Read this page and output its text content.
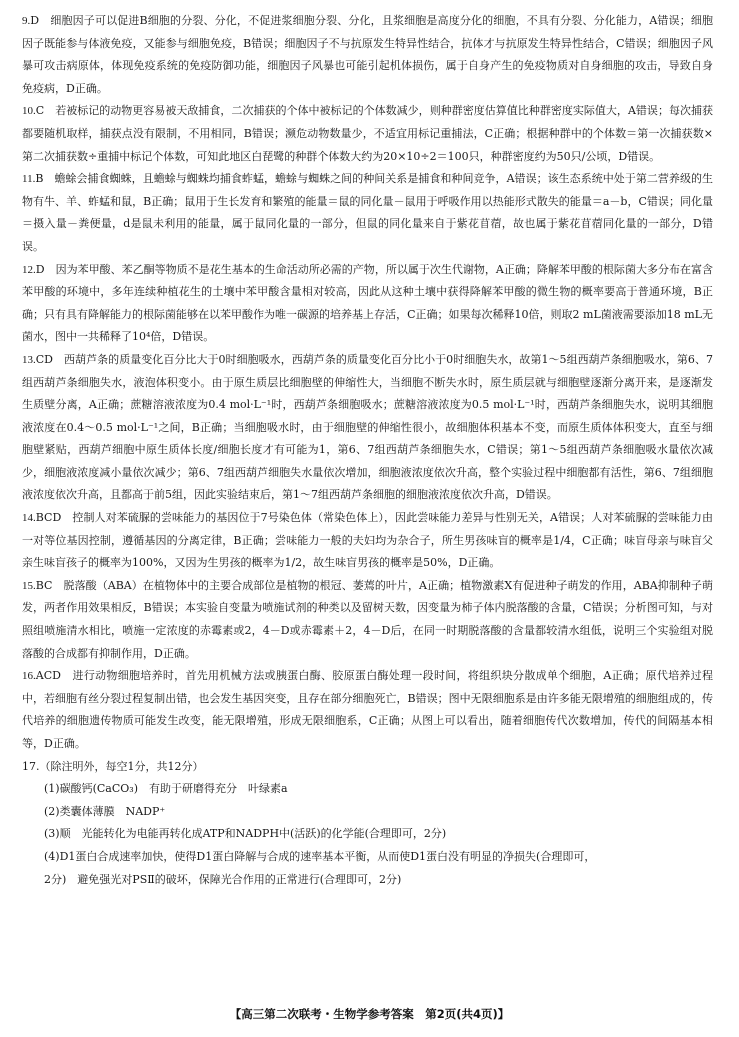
9.D　细胞因子可以促进B细胞的分裂、分化，不促进浆细胞分裂、分化，且浆细胞是高度分化的细胞，不具有分裂、分化能力，A错误；细胞因子既能参与体液免疫，又能参与细胞免疫，B错误；细胞因子不与抗原发生特异性结合，抗体才与抗原发生特异性结合，C错误；细胞因子风暴可攻击病原体，体现免疫系统的免疫防御功能，细胞因子风暴也可能引起机体损伤，属于自身产生的免疫物质对自身细胞的攻击，导致自身免疫病，D正确。

10.C　若被标记的动物更容易被天敌捕食，二次捕获的个体中被标记的个体数减少，则种群密度估算值比种群密度实际值大，A错误；每次捕获都要随机取样，捕获点没有限制，不用相同，B错误；濒危动物数量少，不适宜用标记重捕法，C正确；根据种群中的个体数＝第一次捕获数×第二次捕获数÷重捕中标记个体数，可知此地区白琵鹭的种群个体数大约为20×10÷2＝100只，种群密度约为50只/公顷，D错误。

11.B　蟾蜍会捕食蜘蛛，且蟾蜍与蜘蛛均捕食蚱蜢，蟾蜍与蜘蛛之间的种间关系是捕食和种间竞争，A错误；该生态系统中处于第二营养级的生物有牛、羊、蚱蜢和鼠，B正确；鼠用于生长发育和繁殖的能量＝鼠的同化量－鼠用于呼吸作用以热能形式散失的能量＝a－b，C错误；同化量＝摄入量－粪便量，d是鼠未利用的能量，属于鼠同化量的一部分，但鼠的同化量来自于紫花苜蓿，故也属于紫花苜蓿同化量的一部分，D错误。

12.D　因为苯甲酸、苯乙酮等物质不是花生基本的生命活动所必需的产物，所以属于次生代谢物，A正确；降解苯甲酸的根际菌大多分布在富含苯甲酸的环境中，多年连续种植花生的土壤中苯甲酸含量相对较高，因此从这种土壤中获得降解苯甲酸的微生物的概率要高于普通环境，B正确；只有具有降解能力的根际菌能够在以苯甲酸作为唯一碳源的培养基上存活，C正确；如果每次稀释10倍，则取2 mL菌液需要添加18 mL无菌水，图中一共稀释了10⁴倍，D错误。

13.CD　西葫芦条的质量变化百分比大于0时细胞吸水，西葫芦条的质量变化百分比小于0时细胞失水，故第1～5组西葫芦条细胞吸水，第6、7组西葫芦条细胞失水，液泡体积变小。由于原生质层比细胞壁的伸缩性大，当细胞不断失水时，原生质层就与细胞壁逐渐分离开来，是逐渐发生质壁分离，A正确；蔗糖溶液浓度为0.4 mol·L⁻¹时，西葫芦条细胞吸水；蔗糖溶液浓度为0.5 mol·L⁻¹时，西葫芦条细胞失水，说明其细胞液浓度在0.4～0.5 mol·L⁻¹之间，B正确；当细胞吸水时，由于细胞壁的伸缩性很小，故细胞体积基本不变，而原生质体体积变大，直至与细胞壁紧贴，西葫芦细胞中原生质体长度/细胞长度才有可能为1，第6、7组西葫芦条细胞失水，C错误；第1～5组西葫芦条细胞吸水量依次减少，细胞液浓度减小量依次减少；第6、7组西葫芦细胞失水量依次增加，细胞液浓度依次升高，整个实验过程中细胞都有活性，第6、7组细胞液浓度依次升高，且都高于前5组，因此实验结束后，第1～7组西葫芦条细胞的细胞液浓度依次升高，D错误。

14.BCD　控制人对苯硫脲的尝味能力的基因位于7号染色体（常染色体上），因此尝味能力差异与性别无关，A错误；人对苯硫脲的尝味能力由一对等位基因控制，遵循基因的分离定律，B正确；尝味能力一般的夫妇均为杂合子，所生男孩味盲的概率是1/4，C正确；味盲母亲与味盲父亲生味盲孩子的概率为100%，又因为生男孩的概率为1/2，故生味盲男孩的概率是50%，D正确。

15.BC　脱落酸（ABA）在植物体中的主要合成部位是植物的根冠、萎蔫的叶片，A正确；植物激素X有促进种子萌发的作用，ABA抑制种子萌发，两者作用效果相反，B错误；本实验自变量为喷施试剂的种类以及留树天数，因变量为柿子体内脱落酸的含量，C错误；分析图可知，与对照组喷施清水相比，喷施一定浓度的赤霉素或2，4－D或赤霉素＋2，4－D后，在同一时期脱落酸的含量都较清水组低，说明三个实验组对脱落酸的合成都有抑制作用，D正确。

16.ACD　进行动物细胞培养时，首先用机械方法或胰蛋白酶、胶原蛋白酶处理一段时间，将组织块分散成单个细胞，A正确；原代培养过程中，若细胞有丝分裂过程复制出错，也会发生基因突变，且存在部分细胞死亡，B错误；图中无限细胞系是由许多能无限增殖的细胞组成的，传代培养的细胞遗传物质可能发生改变，能无限增殖，形成无限细胞系，C正确；从图上可以看出，随着细胞传代次数增加，传代的间隔基本相等，D正确。

17.（除注明外，每空1分，共12分）

(1)碳酸钙(CaCO₃)　有助于研磨得充分　叶绿素a

(2)类囊体薄膜　NADP⁺

(3)顺　光能转化为电能再转化成ATP和NADPH中(活跃)的化学能(合理即可，2分)

(4)D1蛋白合成速率加快，使得D1蛋白降解与合成的速率基本平衡，从而使D1蛋白没有明显的净损失(合理即可，

2分)　避免强光对PSⅡ的破坏，保障光合作用的正常进行(合理即可，2分)

【高三第二次联考・生物学参考答案　第2页(共4页)】
